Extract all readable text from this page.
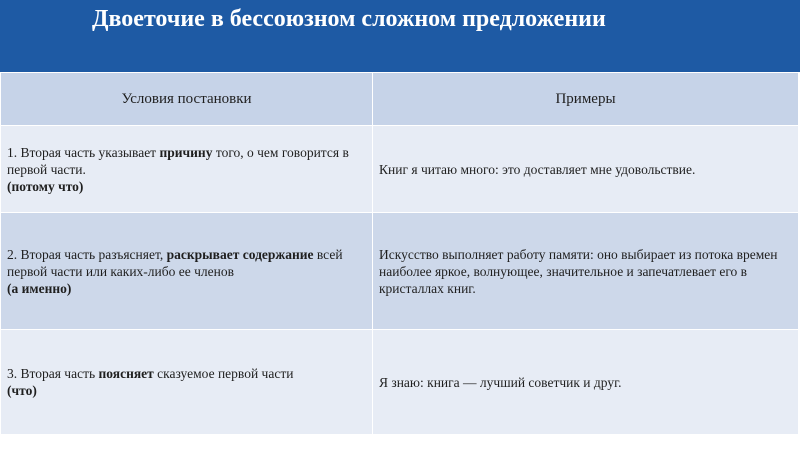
Двоеточие в бессоюзном сложном предложении
Условия постановки	Примеры
1. Вторая часть указывает причину того, о чем говорится в первой части.
(потому что)	Книг я читаю много: это доставляет мне удовольствие.
2. Вторая часть разъясняет, раскрывает содержание всей первой части или каких-либо ее членов
(а именно)	Искусство выполняет работу памяти: оно выбирает из потока времен наиболее яркое, волнующее, значительное и запечатлевает его в кристаллах книг.
3. Вторая часть поясняет сказуемое первой части
(что)	Я знаю: книга — лучший советчик и друг.
